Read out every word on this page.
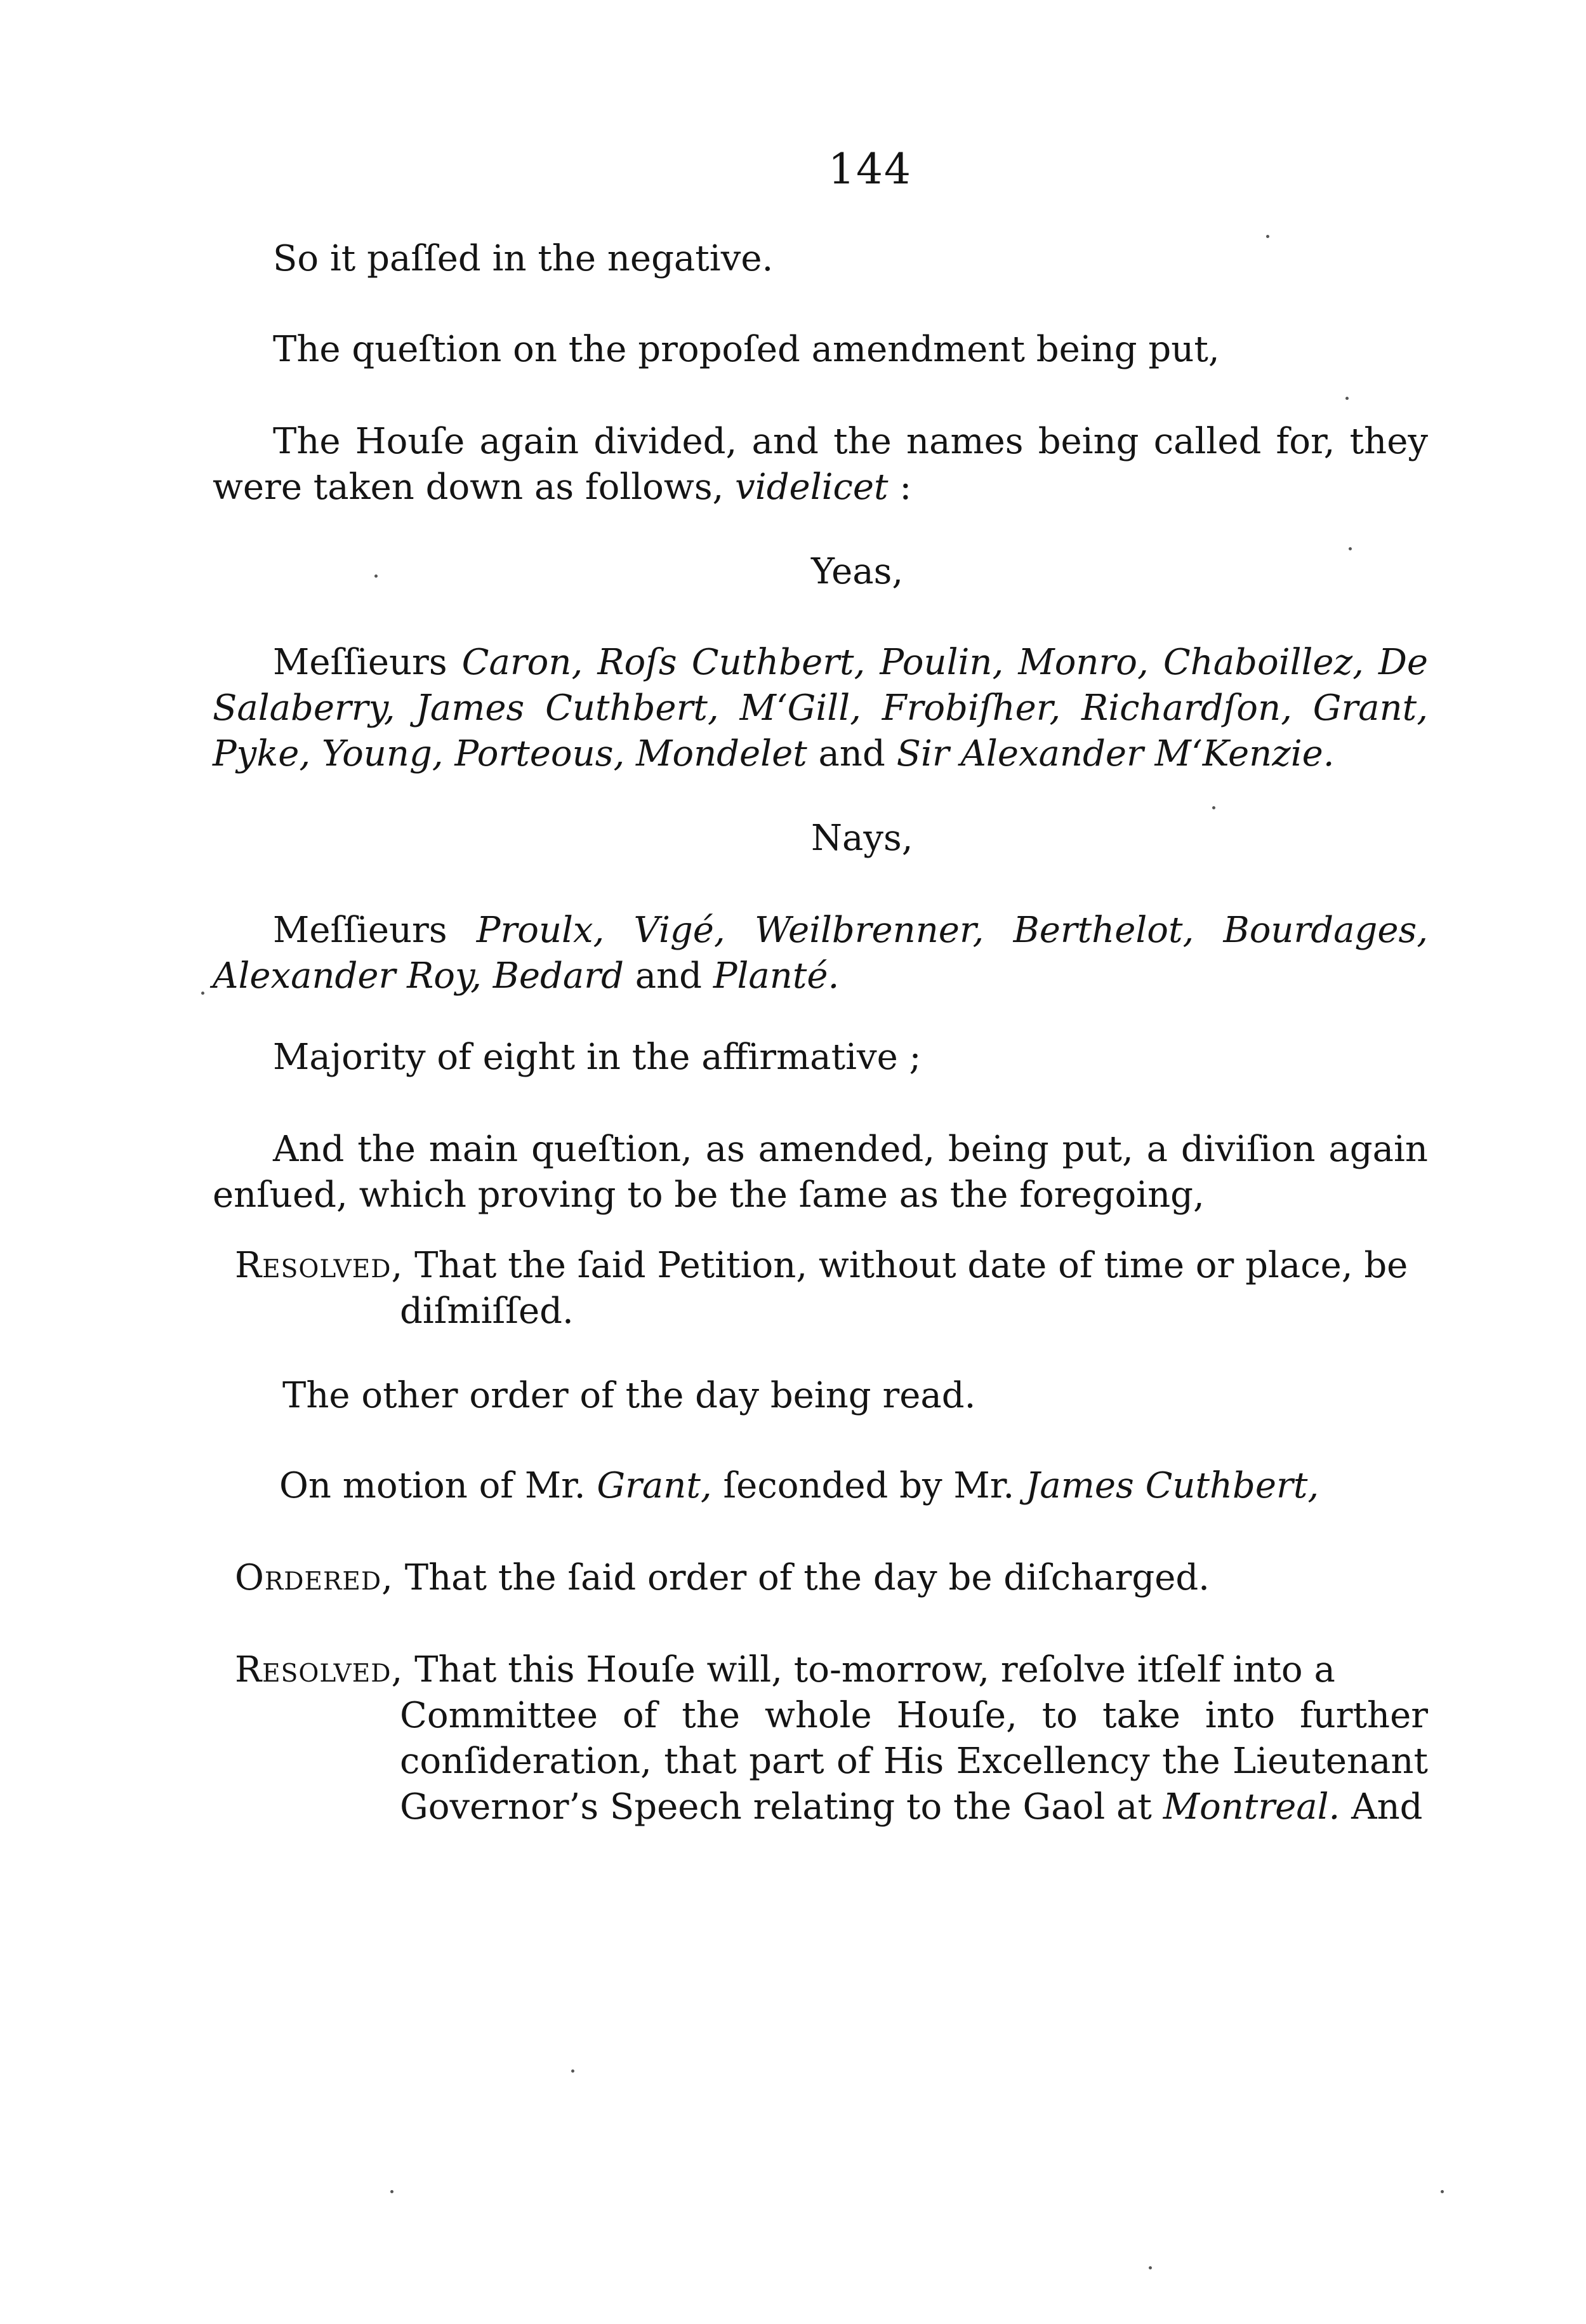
144
So it paſſed in the negative.
The queſtion on the propoſed amendment being put,
The Houſe again divided, and the names being called for, they were taken down as follows, videlicet :
Yeas,
Meſſieurs Caron, Roſs Cuthbert, Poulin, Monro, Chaboillez, De Salaberry, James Cuthbert, M‘Gill, Frobiſher, Richardſon, Grant, Pyke, Young, Porteous, Mondelet and Sir Alexander M‘Kenzie.
Nays,
Meſſieurs Proulx, Vigé, Weilbrenner, Berthelot, Bourdages, Alexander Roy, Bedard and Planté.
Majority of eight in the affirmative ;
And the main queſtion, as amended, being put, a diviſion again enſued, which proving to be the ſame as the foregoing,
Resolved, That the ſaid Petition, without date of time or place, be
diſmiſſed.
The other order of the day being read.
On motion of Mr. Grant, ſeconded by Mr. James Cuthbert,
Ordered, That the ſaid order of the day be diſcharged.
Resolved, That this Houſe will, to-morrow, reſolve itſelf into a
Committee of the whole Houſe, to take into further conſideration, that part of His Excellency the Lieutenant Governor’s Speech relating to the Gaol at Montreal. And
